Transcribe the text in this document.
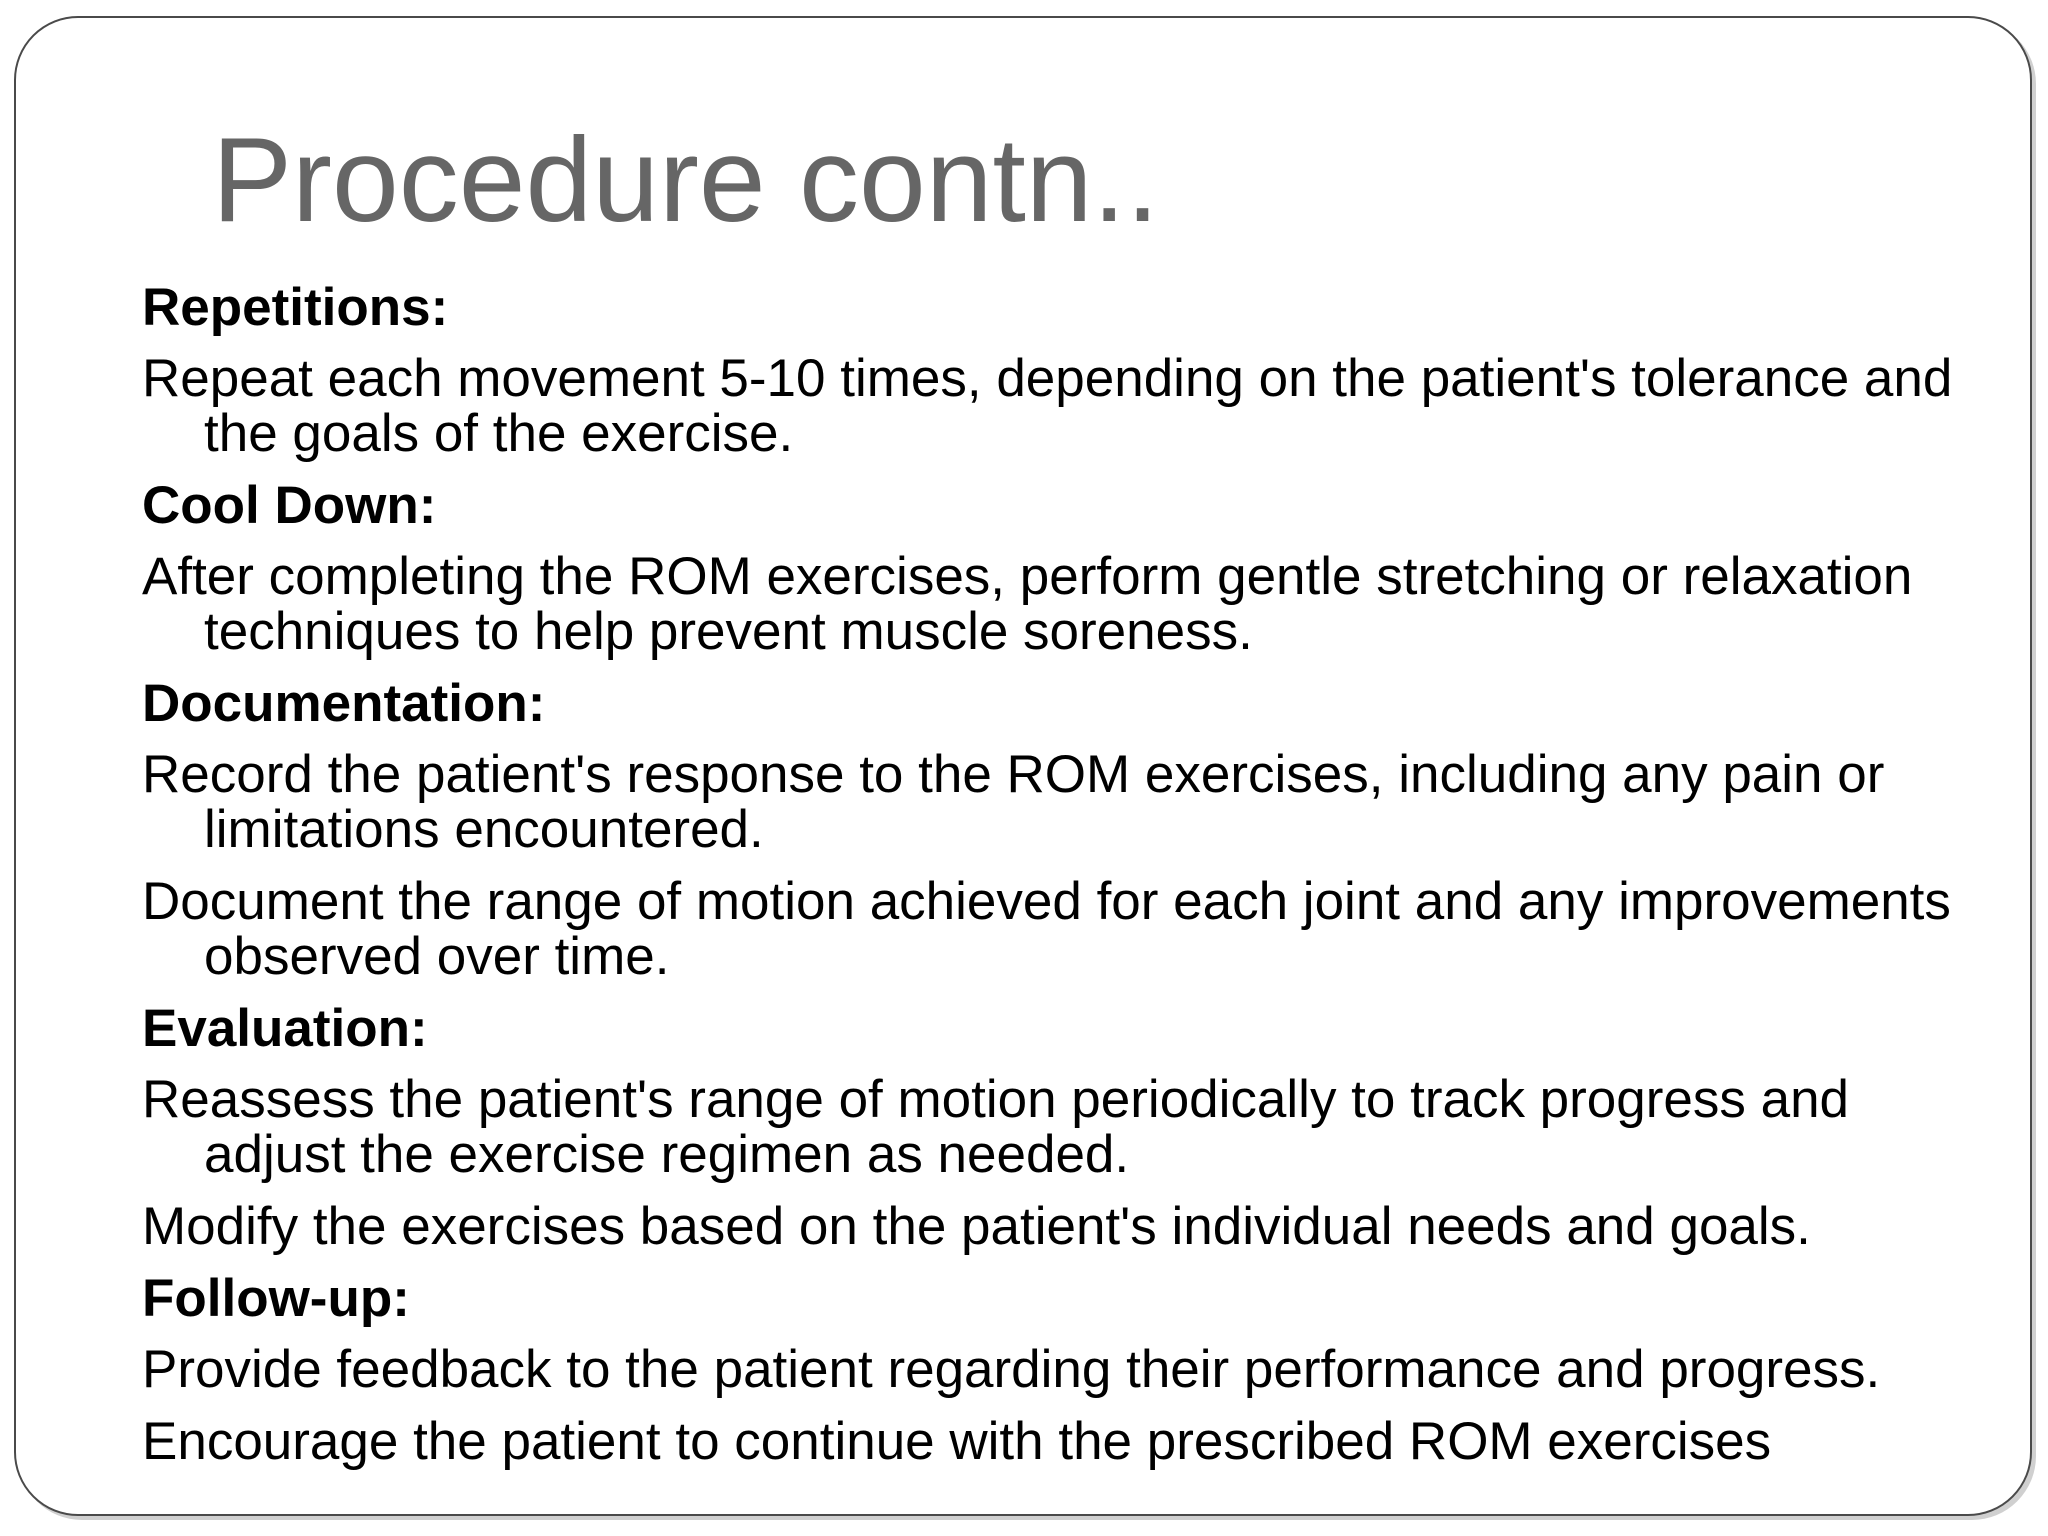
Procedure contn..
Repetitions:
Repeat each movement 5-10 times, depending on the patient's tolerance and the goals of the exercise.
Cool Down:
After completing the ROM exercises, perform gentle stretching or relaxation techniques to help prevent muscle soreness.
Documentation:
Record the patient's response to the ROM exercises, including any pain or limitations encountered.
Document the range of motion achieved for each joint and any improvements observed over time.
Evaluation:
Reassess the patient's range of motion periodically to track progress and adjust the exercise regimen as needed.
Modify the exercises based on the patient's individual needs and goals.
Follow-up:
Provide feedback to the patient regarding their performance and progress.
Encourage the patient to continue with the prescribed ROM exercises
